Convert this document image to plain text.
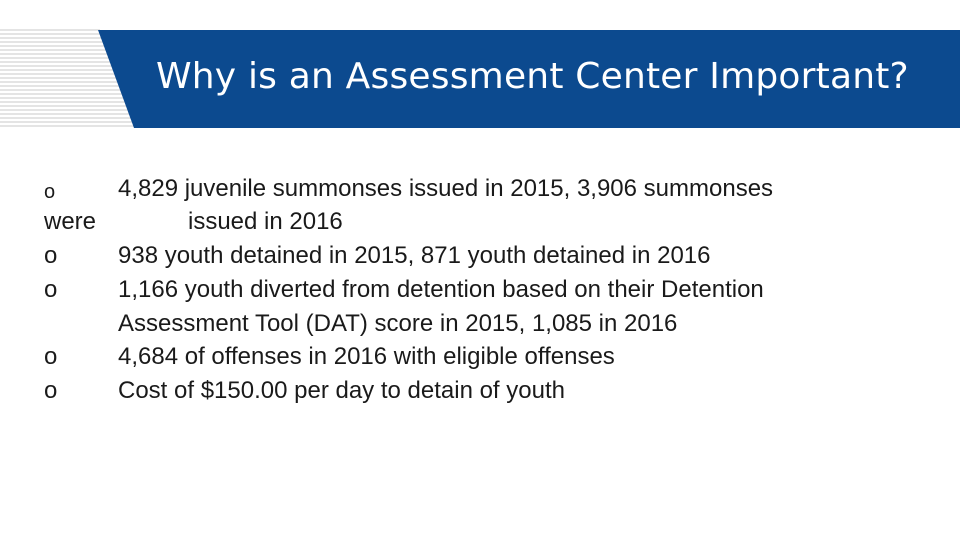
Why is an Assessment Center Important?
o	4,829 juvenile summonses issued in 2015, 3,906 summonses
were	issued in 2016
o	938 youth detained in 2015, 871 youth detained in 2016
o	1,166 youth diverted from detention based on their Detention
Assessment Tool (DAT) score in 2015, 1,085 in 2016
o	4,684 of offenses in 2016 with eligible offenses
o	Cost of $150.00 per day to detain of youth
